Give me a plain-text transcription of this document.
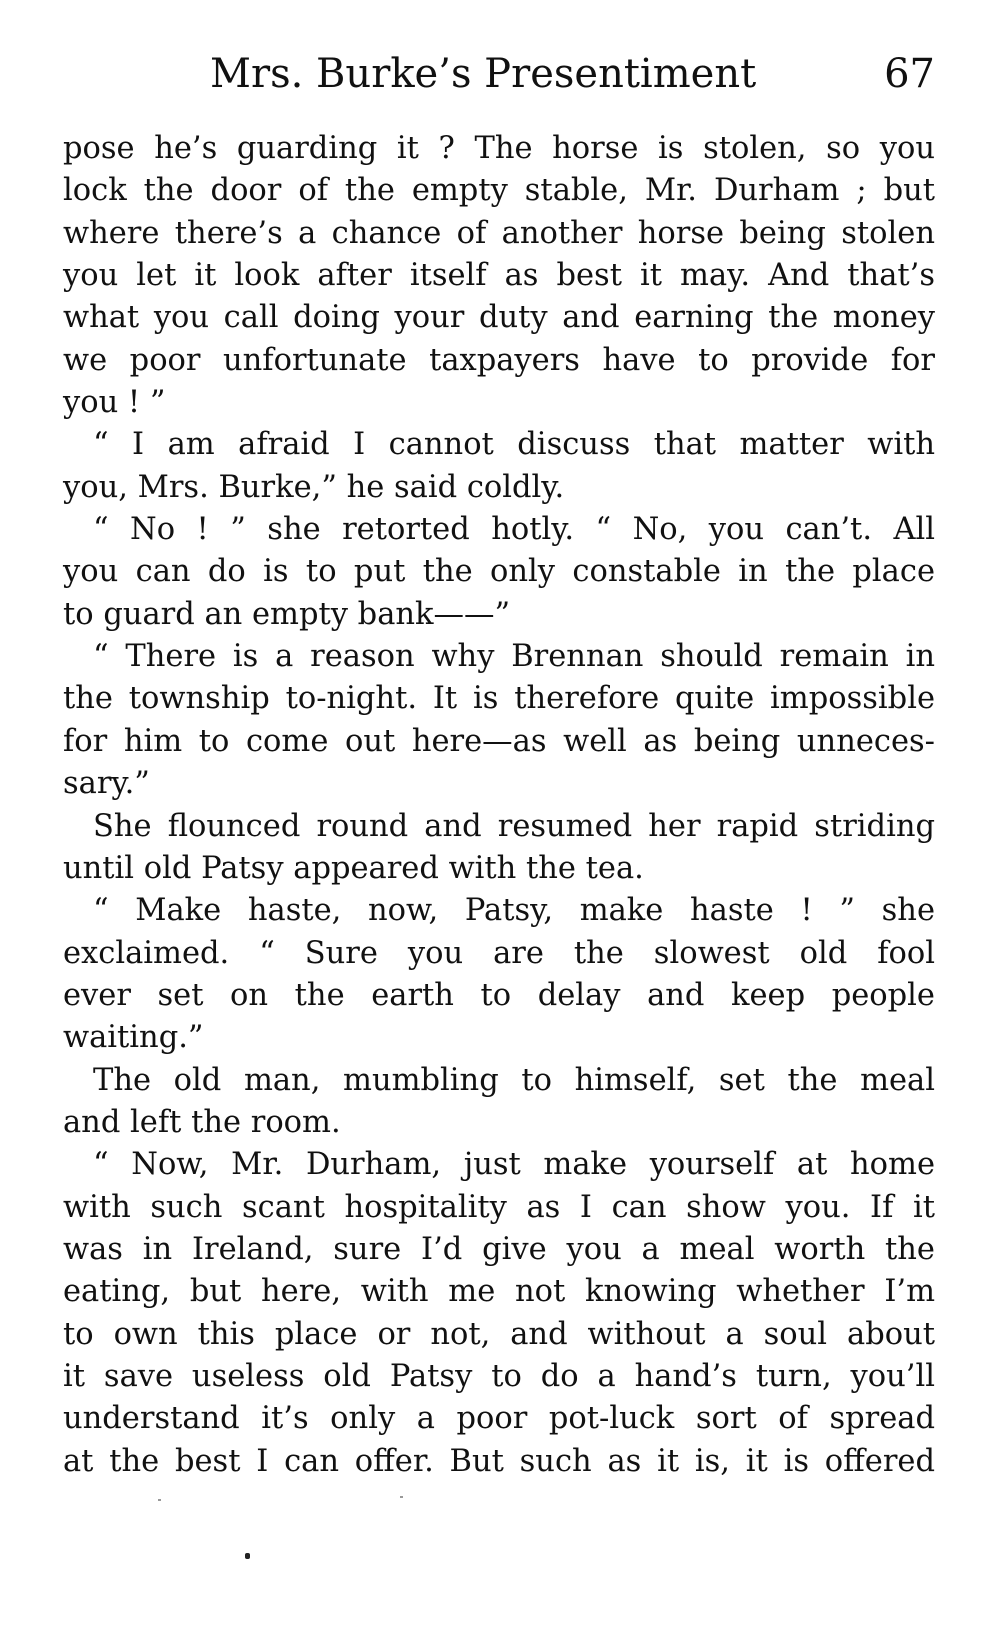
Mrs. Burke’s Presentiment	67
pose he’s guarding it ? The horse is stolen, so you
lock the door of the empty stable, Mr. Durham ; but
where there’s a chance of another horse being stolen
you let it look after itself as best it may. And that’s
what you call doing your duty and earning the money
we poor unfortunate taxpayers have to provide for
you ! ”
“ I am afraid I cannot discuss that matter with
you, Mrs. Burke,” he said coldly.
“ No ! ” she retorted hotly. “ No, you can’t. All
you can do is to put the only constable in the place
to guard an empty bank——”
“ There is a reason why Brennan should remain in
the township to-night. It is therefore quite impossible
for him to come out here—as well as being unneces-
sary.”
She flounced round and resumed her rapid striding
until old Patsy appeared with the tea.
“ Make haste, now, Patsy, make haste ! ” she
exclaimed. “ Sure you are the slowest old fool
ever set on the earth to delay and keep people
waiting.”
The old man, mumbling to himself, set the meal
and left the room.
“ Now, Mr. Durham, just make yourself at home
with such scant hospitality as I can show you. If it
was in Ireland, sure I’d give you a meal worth the
eating, but here, with me not knowing whether I’m
to own this place or not, and without a soul about
it save useless old Patsy to do a hand’s turn, you’ll
understand it’s only a poor pot-luck sort of spread
at the best I can offer. But such as it is, it is offered
